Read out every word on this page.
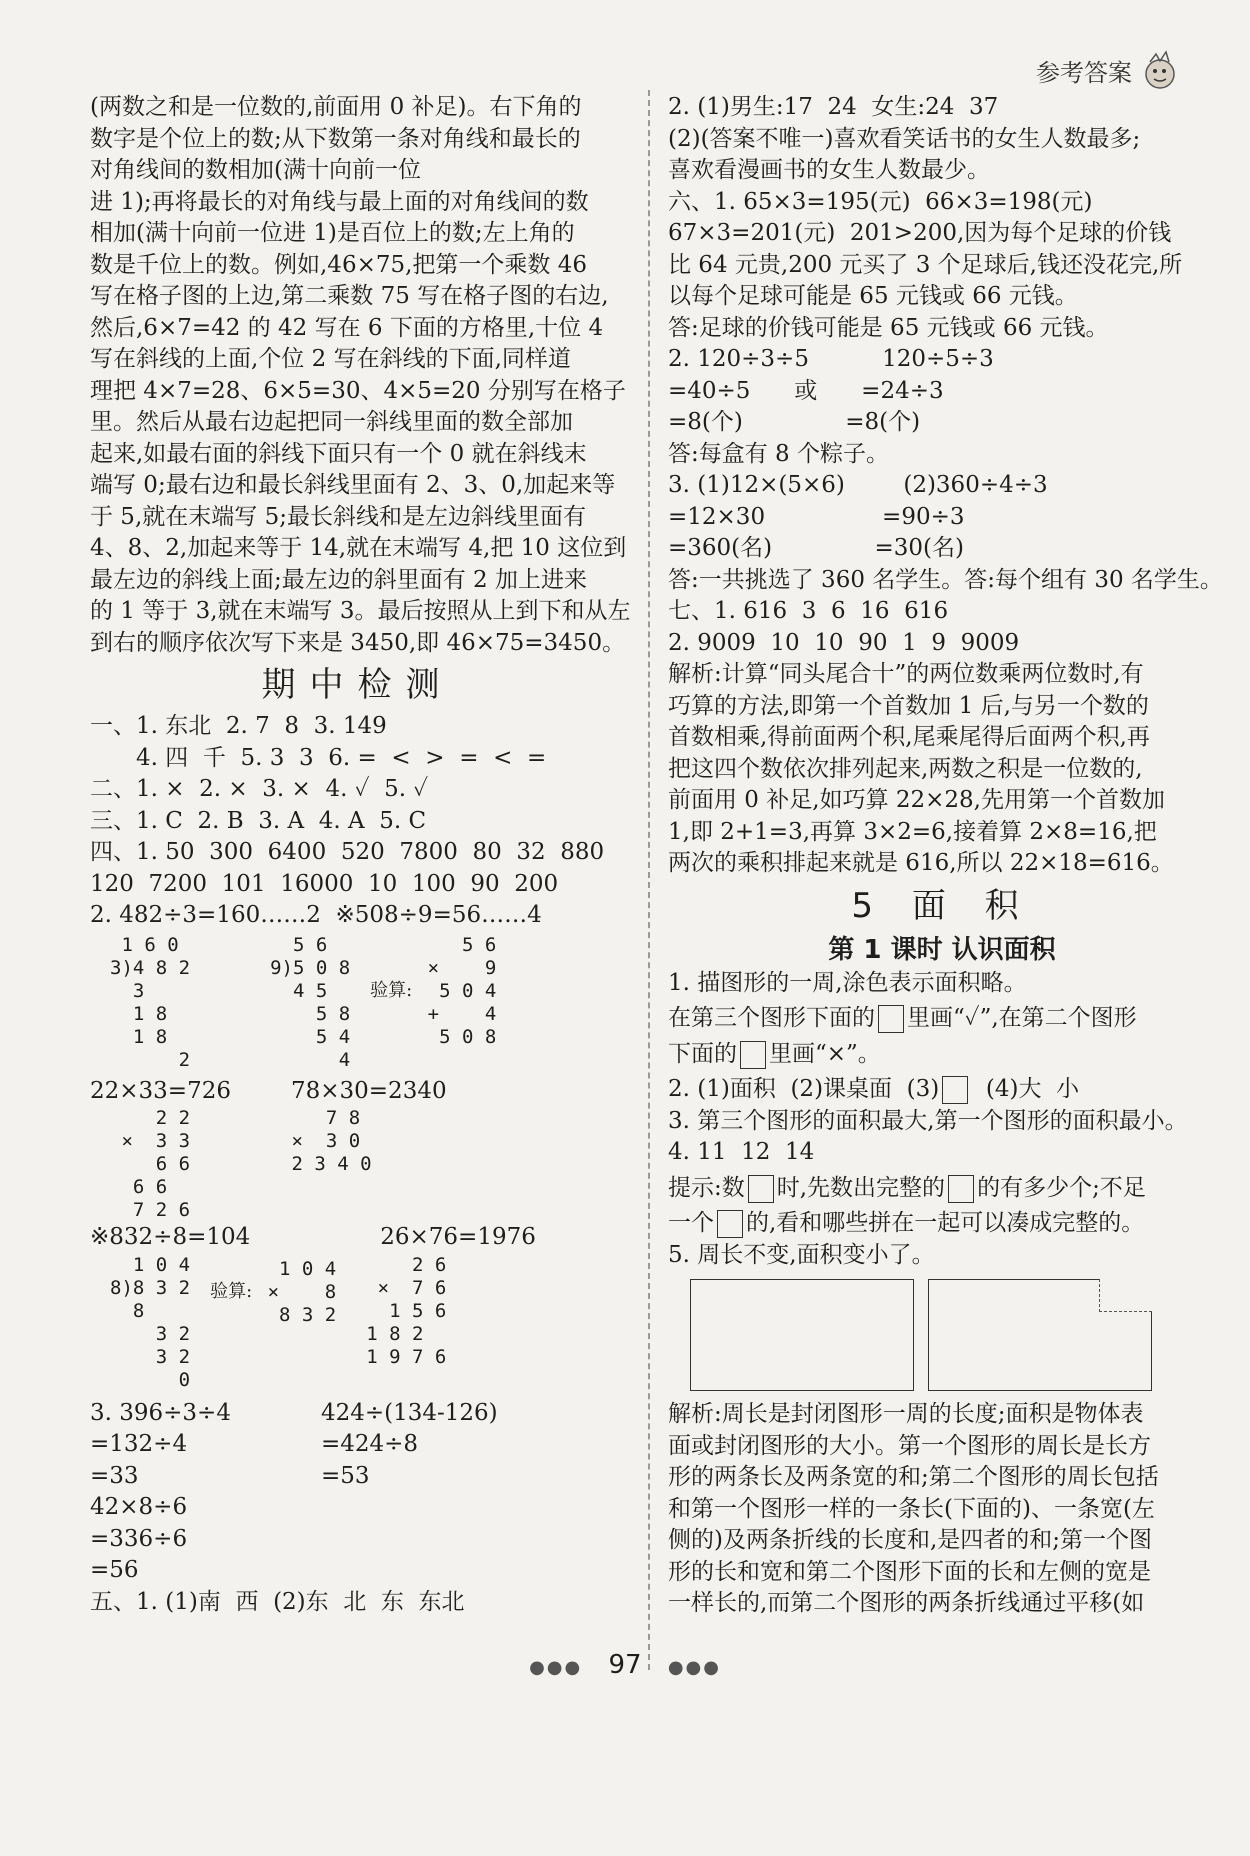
参考答案
(两数之和是一位数的,前面用 0 补足)。右下角的
数字是个位上的数;从下数第一条对角线和最长的
对角线间的数相加(满十向前一位
进 1);再将最长的对角线与最上面的对角线间的数
相加(满十向前一位进 1)是百位上的数;左上角的
数是千位上的数。例如,46×75,把第一个乘数 46
写在格子图的上边,第二乘数 75 写在格子图的右边,
然后,6×7=42 的 42 写在 6 下面的方格里,十位 4
写在斜线的上面,个位 2 写在斜线的下面,同样道
理把 4×7=28、6×5=30、4×5=20 分别写在格子
里。然后从最右边起把同一斜线里面的数全部加
起来,如最右面的斜线下面只有一个 0 就在斜线末
端写 0;最右边和最长斜线里面有 2、3、0,加起来等
于 5,就在末端写 5;最长斜线和是左边斜线里面有
4、8、2,加起来等于 14,就在末端写 4,把 10 这位到
最左边的斜线上面;最左边的斜里面有 2 加上进来
的 1 等于 3,就在末端写 3。最后按照从上到下和从左
到右的顺序依次写下来是 3450,即 46×75=3450。
期中检测
一、1. 东北  2. 7  8  3. 149
4. 四  千  5. 3  3  6. =  <  >  =  <  =
二、1. ×  2. ×  3. ×  4. ✓  5. ✓
三、1. C  2. B  3. A  4. A  5. C
四、1. 50  300  6400  520  7800  80  32  880
120  7200  101  16000  10  100  90  200
2. 482÷3=160……2  ※508÷9=56……4
1 6 0
3)4 8 2
3
1 8
1 8
2
5 6
9)5 0 8
4 5
5 8
5 4
4
验算:
5 6
×    9
5 0 4
+    4
5 0 8
22×33=726	78×30=2340
2 2
×  3 3
6 6
6 6
7 2 6
7 8
×  3 0
2 3 4 0
※832÷8=104	26×76=1976
1 0 4
8)8 3 2
8
3 2
3 2
0
验算:
1 0 4
×    8
8 3 2
2 6
×  7 6
1 5 6
1 8 2
1 9 7 6
3. 396÷3÷4
=132÷4
=33
424÷(134-126)
=424÷8
=53
42×8÷6
=336÷6
=56
五、1. (1)南  西  (2)东  北  东  东北
2. (1)男生:17  24  女生:24  37
(2)(答案不唯一)喜欢看笑话书的女生人数最多;
喜欢看漫画书的女生人数最少。
六、1. 65×3=195(元)  66×3=198(元)
67×3=201(元)  201>200,因为每个足球的价钱
比 64 元贵,200 元买了 3 个足球后,钱还没花完,所
以每个足球可能是 65 元钱或 66 元钱。
答:足球的价钱可能是 65 元钱或 66 元钱。
2. 120÷3÷5          120÷5÷3
=40÷5      或      =24÷3
=8(个)              =8(个)
答:每盒有 8 个粽子。
3. (1)12×(5×6)        (2)360÷4÷3
=12×30                =90÷3
=360(名)              =30(名)
答:一共挑选了 360 名学生。答:每个组有 30 名学生。
七、1. 616  3  6  16  616
2. 9009  10  10  90  1  9  9009
解析:计算“同头尾合十”的两位数乘两位数时,有
巧算的方法,即第一个首数加 1 后,与另一个数的
首数相乘,得前面两个积,尾乘尾得后面两个积,再
把这四个数依次排列起来,两数之积是一位数的,
前面用 0 补足,如巧算 22×28,先用第一个首数加
1,即 2+1=3,再算 3×2=6,接着算 2×8=16,把
两次的乘积排起来就是 616,所以 22×18=616。
5 面 积
第 1 课时 认识面积
1. 描图形的一周,涂色表示面积略。
在第三个图形下面的 里画“✓”,在第二个图形
下面的 里画“×”。
2. (1)面积  (2)课桌面  (3)  (4)大  小
3. 第三个图形的面积最大,第一个图形的面积最小。
4. 11  12  14
提示:数 时,先数出完整的 的有多少个;不足
一个 的,看和哪些拼在一起可以凑成完整的。
5. 周长不变,面积变小了。
解析:周长是封闭图形一周的长度;面积是物体表
面或封闭图形的大小。第一个图形的周长是长方
形的两条长及两条宽的和;第二个图形的周长包括
和第一个图形一样的一条长(下面的)、一条宽(左
侧的)及两条折线的长度和,是四者的和;第一个图
形的长和宽和第二个图形下面的长和左侧的宽是
一样长的,而第二个图形的两条折线通过平移(如
●●● 97 ●●●
